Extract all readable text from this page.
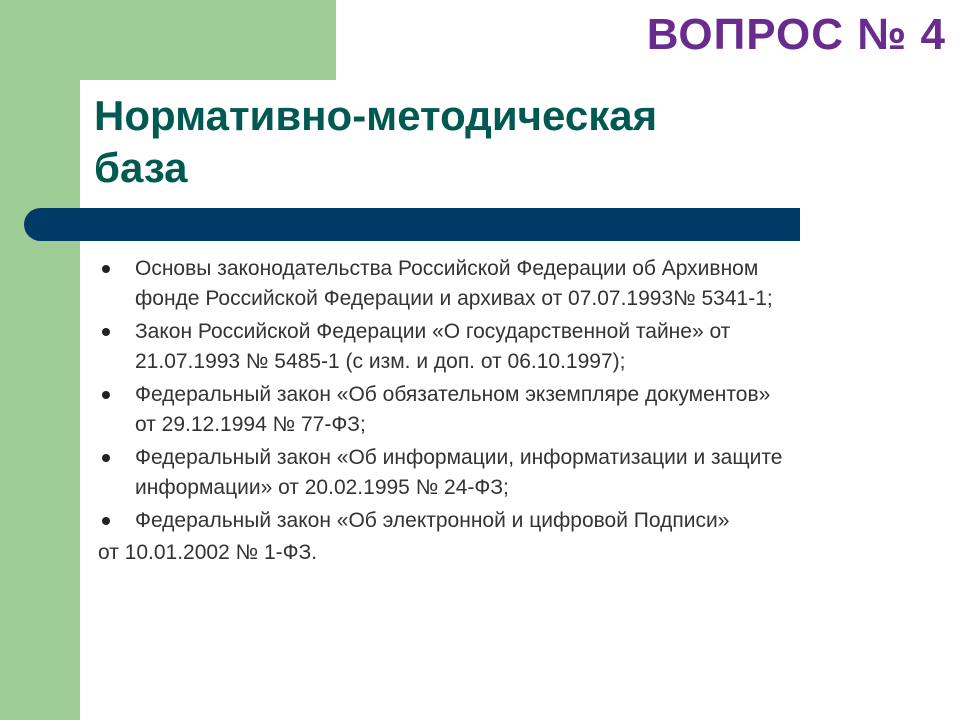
ВОПРОС № 4
Нормативно-методическая
база
Основы законодательства Российской Федерации об Архивном
фонде Российской Федерации и архивах от 07.07.1993№ 5341-1;
Закон Российской Федерации «О государственной тайне» от
21.07.1993 № 5485-1 (с изм. и доп. от 06.10.1997);
Федеральный закон «Об обязательном экземпляре документов»
от 29.12.1994 № 77-ФЗ;
Федеральный закон «Об информации, информатизации и защите
информации» от 20.02.1995 № 24-ФЗ;
Федеральный закон «Об электронной и цифровой Подписи»
от 10.01.2002 № 1-ФЗ.
